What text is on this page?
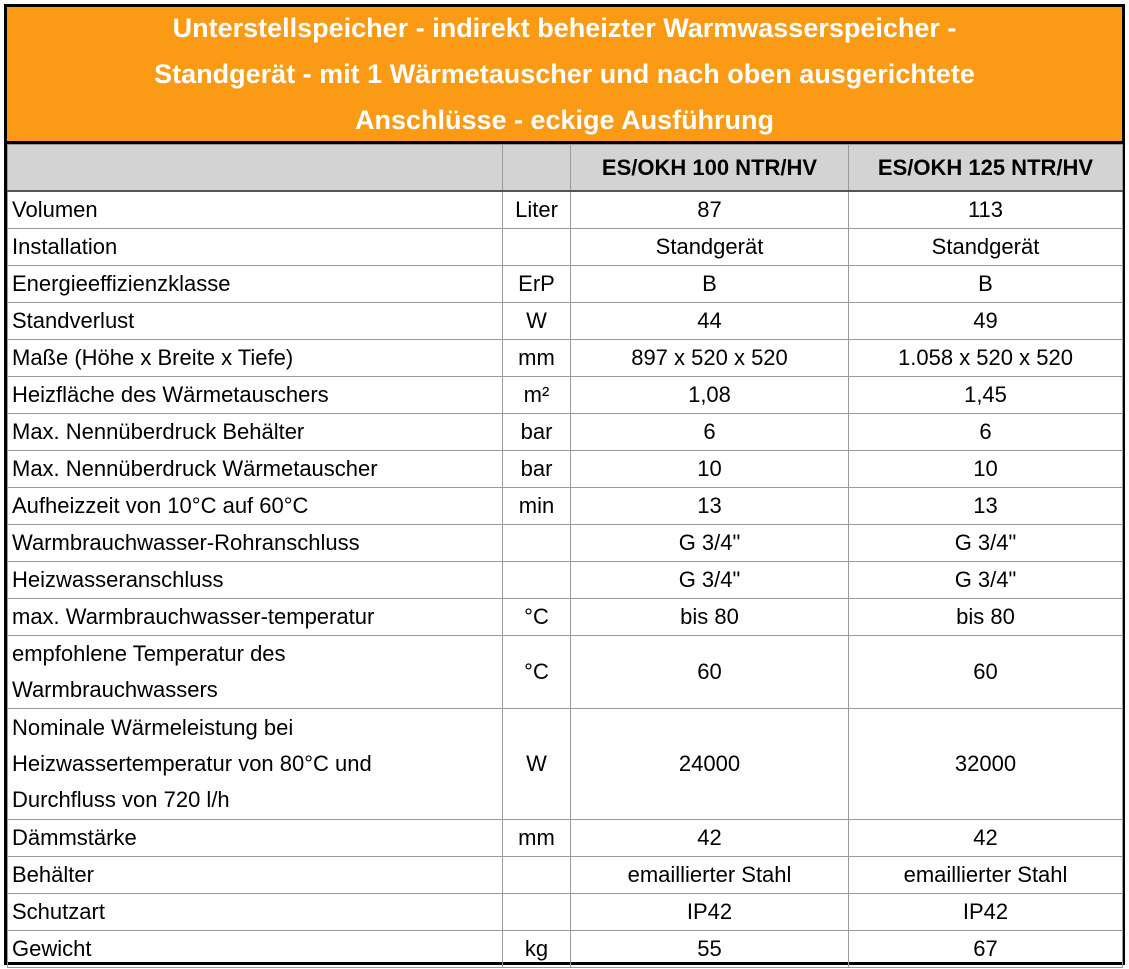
Unterstellspeicher - indirekt beheizter Warmwasserspeicher -
Standgerät - mit 1 Wärmetauscher und nach oben ausgerichtete
Anschlüsse - eckige Ausführung
		ES/OKH 100 NTR/HV	ES/OKH 125 NTR/HV
Volumen	Liter	87	113
Installation		Standgerät	Standgerät
Energieeffizienzklasse	ErP	B	B
Standverlust	W	44	49
Maße (Höhe x Breite x Tiefe)	mm	897 x 520 x 520	1.058 x 520 x 520
Heizfläche des Wärmetauschers	m²	1,08	1,45
Max. Nennüberdruck Behälter	bar	6	6
Max. Nennüberdruck Wärmetauscher	bar	10	10
Aufheizzeit von 10°C auf 60°C	min	13	13
Warmbrauchwasser-Rohranschluss		G 3/4"	G 3/4"
Heizwasseranschluss		G 3/4"	G 3/4"
max. Warmbrauchwasser-temperatur	°C	bis 80	bis 80

empfohlene Temperatur des
Warmbrauchwassers	°C	60	60

Nominale Wärmeleistung bei
Heizwassertemperatur von 80°C und
Durchfluss von 720 l/h	W	24000	32000
Dämmstärke	mm	42	42
Behälter		emaillierter Stahl	emaillierter Stahl
Schutzart		IP42	IP42
Gewicht	kg	55	67
